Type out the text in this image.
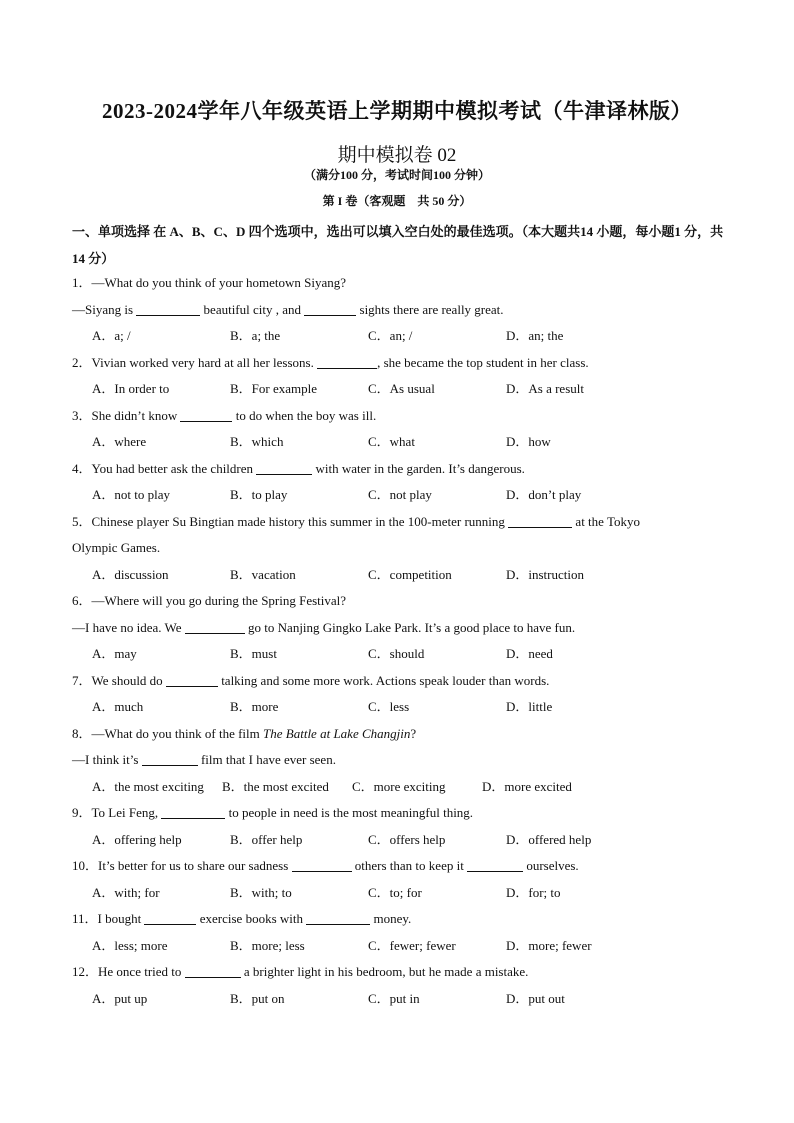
2023-2024学年八年级英语上学期期中模拟考试（牛津译林版）
期中模拟卷 02
（满分100 分，考试时间100 分钟）
第 I 卷（客观题　共 50 分）
一、单项选择 在 A、B、C、D 四个选项中，选出可以填入空白处的最佳选项。（本大题共14 小题，每小题1 分，共14 分）
1．—What do you think of your hometown Siyang?
—Siyang is	beautiful city , and	sights there are really great.
A．a; /	B．a; the	C．an; /	D．an; the
2．Vivian worked very hard at all her lessons.	, she became the top student in her class.
A．In order to	B．For example	C．As usual	D．As a result
3．She didn’t know	to do when the boy was ill.
A．where	B．which	C．what	D．how
4．You had better ask the children	with water in the garden. It’s dangerous.
A．not to play	B．to play	C．not play	D．don’t play
5．Chinese player Su Bingtian made history this summer in the 100-meter running	at the Tokyo
Olympic Games.
A．discussion	B．vacation	C．competition	D．instruction
6．—Where will you go during the Spring Festival?
—I have no idea. We	go to Nanjing Gingko Lake Park. It’s a good place to have fun.
A．may	B．must	C．should	D．need
7．We should do	talking and some more work. Actions speak louder than words.
A．much	B．more	C．less	D．little
8．—What do you think of the film The Battle at Lake Changjin?
—I think it’s	film that I have ever seen.
A．the most exciting	B．the most excited	C．more exciting	D．more excited
9．To Lei Feng,	to people in need is the most meaningful thing.
A．offering help	B．offer help	C．offers help	D．offered help
10．It’s better for us to share our sadness	others than to keep it	ourselves.
A．with; for	B．with; to	C．to; for	D．for; to
11．I bought	exercise books with	money.
A．less; more	B．more; less	C．fewer; fewer	D．more; fewer
12．He once tried to	a brighter light in his bedroom, but he made a mistake.
A．put up	B．put on	C．put in	D．put out
